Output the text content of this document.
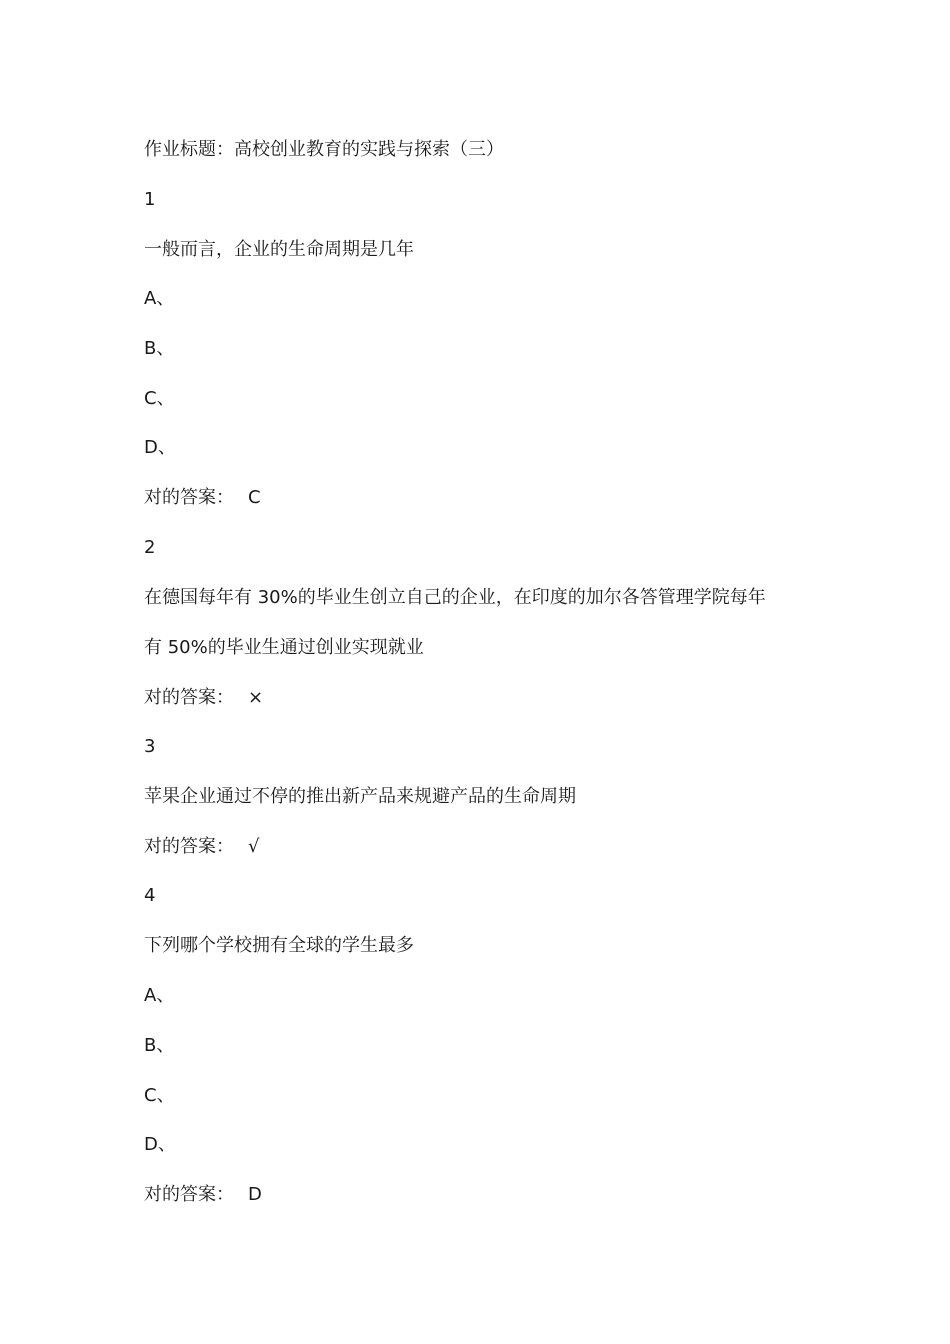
作业标题：高校创业教育的实践与探索（三）
1
一般而言，企业的生命周期是几年
A、
B、
C、
D、
对的答案： C
2
在德国每年有 30%的毕业生创立自己的企业，在印度的加尔各答管理学院每年
有 50%的毕业生通过创业实现就业
对的答案： ×
3
苹果企业通过不停的推出新产品来规避产品的生命周期
对的答案： √
4
下列哪个学校拥有全球的学生最多
A、
B、
C、
D、
对的答案： D
